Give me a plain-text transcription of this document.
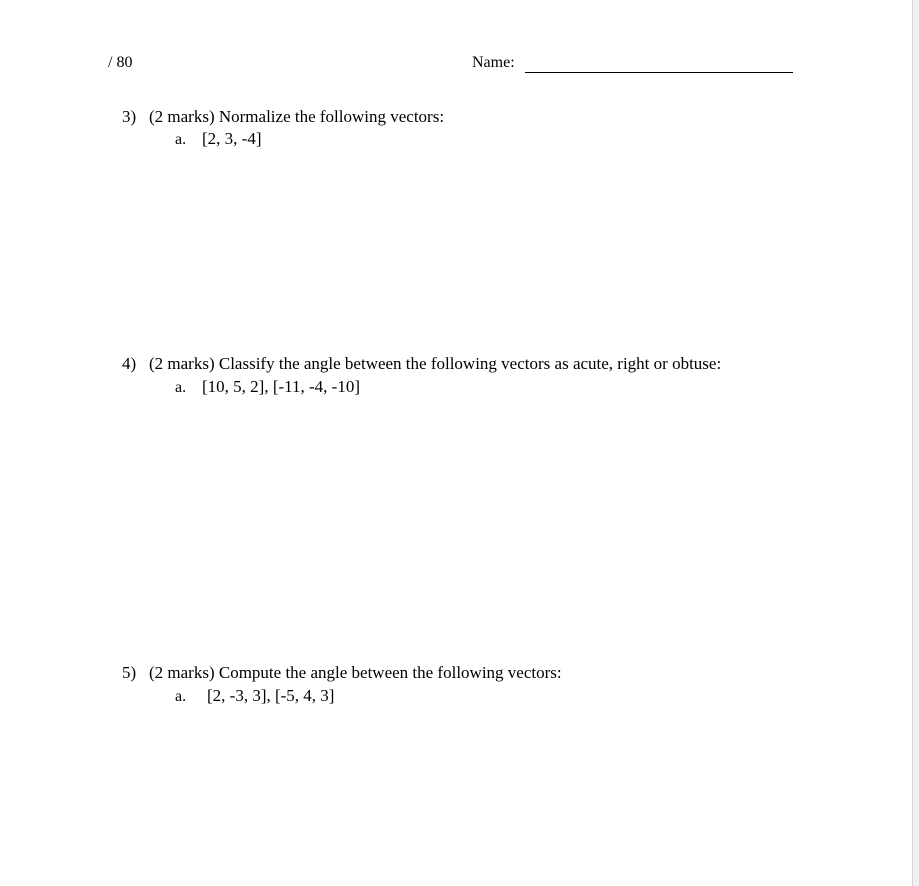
/ 80	Name:
3) (2 marks) Normalize the following vectors:
a. [2, 3, -4]
4) (2 marks) Classify the angle between the following vectors as acute, right or obtuse:
a. [10, 5, 2], [-11, -4, -10]
5) (2 marks) Compute the angle between the following vectors:
a. [2, -3, 3], [-5, 4, 3]
